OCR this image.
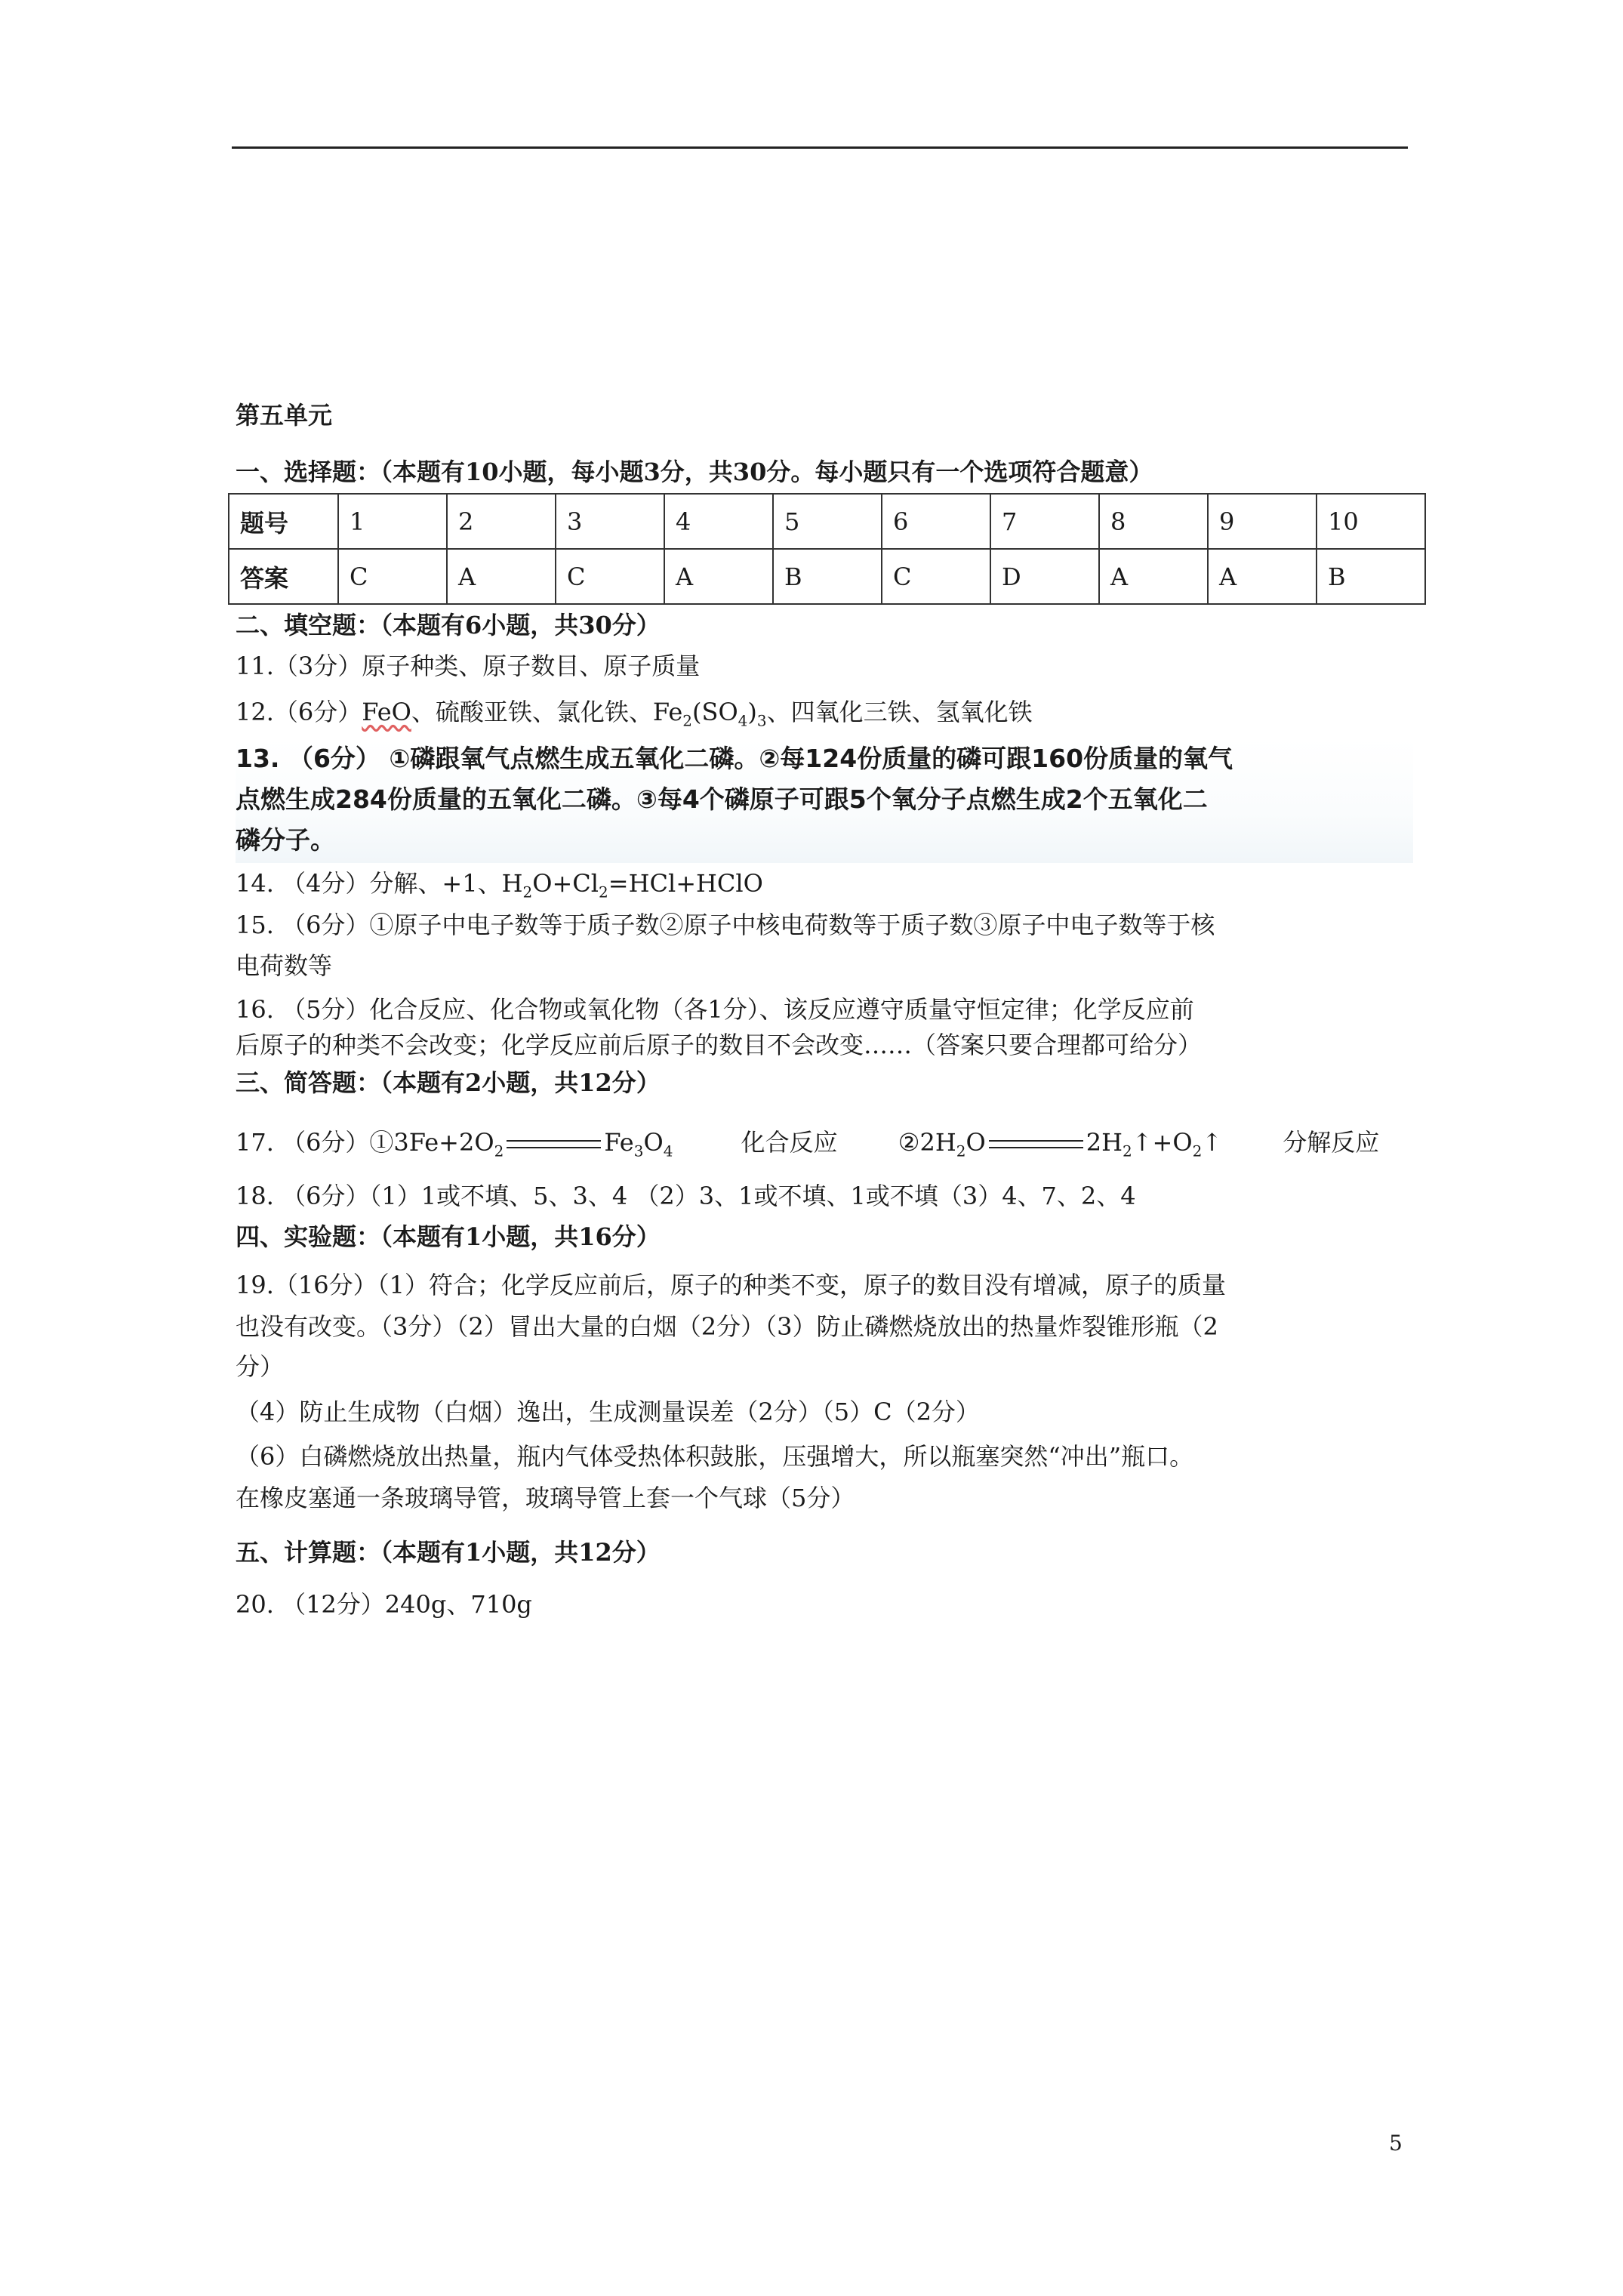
第五单元
一、选择题：（本题有10小题，每小题3分，共30分。每小题只有一个选项符合题意）
题号	1	2	3	4	5	6	7	8	9	10
答案	C	A	C	A	B	C	D	A	A	B
二、填空题：（本题有6小题，共30分）
11.（3分）原子种类、原子数目、原子质量
12.（6分）FeO、硫酸亚铁、氯化铁、$Fe_2(SO_4)_3$、四氧化三铁、氢氧化铁
13. （6分） ①磷跟氧气点燃生成五氧化二磷。②每124份质量的磷可跟160份质量的氧气
点燃生成284份质量的五氧化二磷。③每4个磷原子可跟5个氧分子点燃生成2个五氧化二
磷分子。
14. （4分）分解、+1、$H_2O+Cl_2=HCl+HClO$
15. （6分）①原子中电子数等于质子数②原子中核电荷数等于质子数③原子中电子数等于核
电荷数等
16. （5分）化合反应、化合物或氧化物（各1分）、该反应遵守质量守恒定律；化学反应前
后原子的种类不会改变；化学反应前后原子的数目不会改变……（答案只要合理都可给分）
三、简答题：（本题有2小题，共12分）
17. （6分）$①3Fe+2O_2$	$Fe_3O_4$	化合反应	$②2H_2O$	$2H_2↑+O_2↑$	分解反应
18. （6分）（1）1或不填、5、3、4 （2）3、1或不填、1或不填（3）4、7、2、4
四、实验题：（本题有1小题，共16分）
19.（16分）（1）符合；化学反应前后，原子的种类不变，原子的数目没有增减，原子的质量
也没有改变。（3分）（2）冒出大量的白烟（2分）（3）防止磷燃烧放出的热量炸裂锥形瓶（2
分）
（4）防止生成物（白烟）逸出，生成测量误差（2分）（5）C（2分）
（6）白磷燃烧放出热量，瓶内气体受热体积鼓胀，压强增大，所以瓶塞突然“冲出”瓶口。
在橡皮塞通一条玻璃导管，玻璃导管上套一个气球（5分）
五、计算题：（本题有1小题，共12分）
20. （12分）240g、710g
5
